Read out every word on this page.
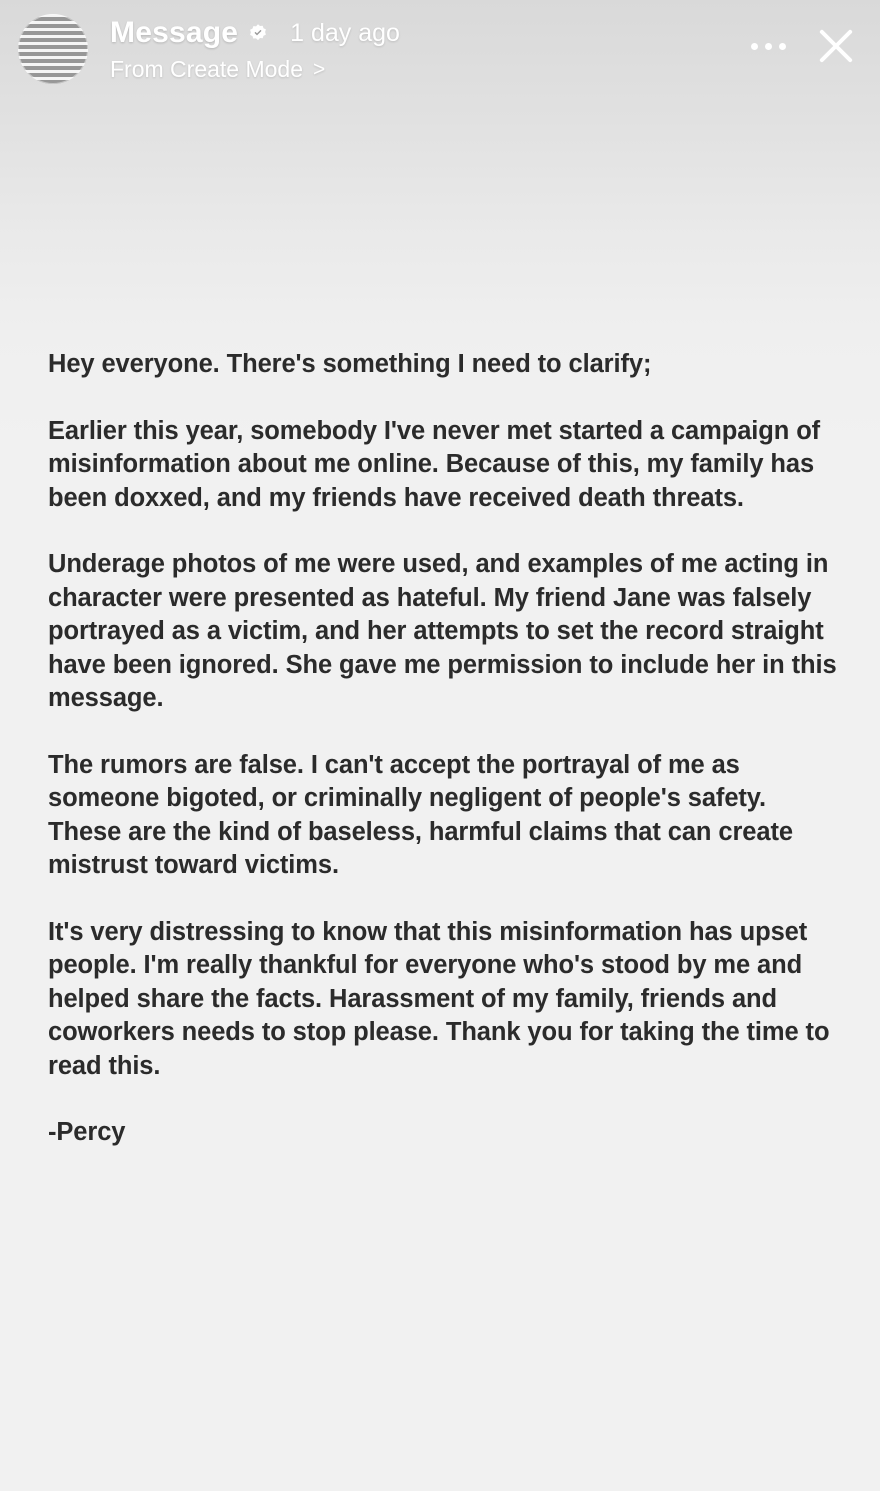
Message 1 day ago
From Create Mode >

Hey everyone. There's something I need to clarify;

Earlier this year, somebody I've never met started a campaign of misinformation about me online. Because of this, my family has been doxxed, and my friends have received death threats.

Underage photos of me were used, and examples of me acting in character were presented as hateful. My friend Jane was falsely portrayed as a victim, and her attempts to set the record straight have been ignored. She gave me permission to include her in this message.

The rumors are false. I can't accept the portrayal of me as someone bigoted, or criminally negligent of people's safety. These are the kind of baseless, harmful claims that can create mistrust toward victims.

It's very distressing to know that this misinformation has upset people. I'm really thankful for everyone who's stood by me and helped share the facts. Harassment of my family, friends and coworkers needs to stop please. Thank you for taking the time to read this.

-Percy
